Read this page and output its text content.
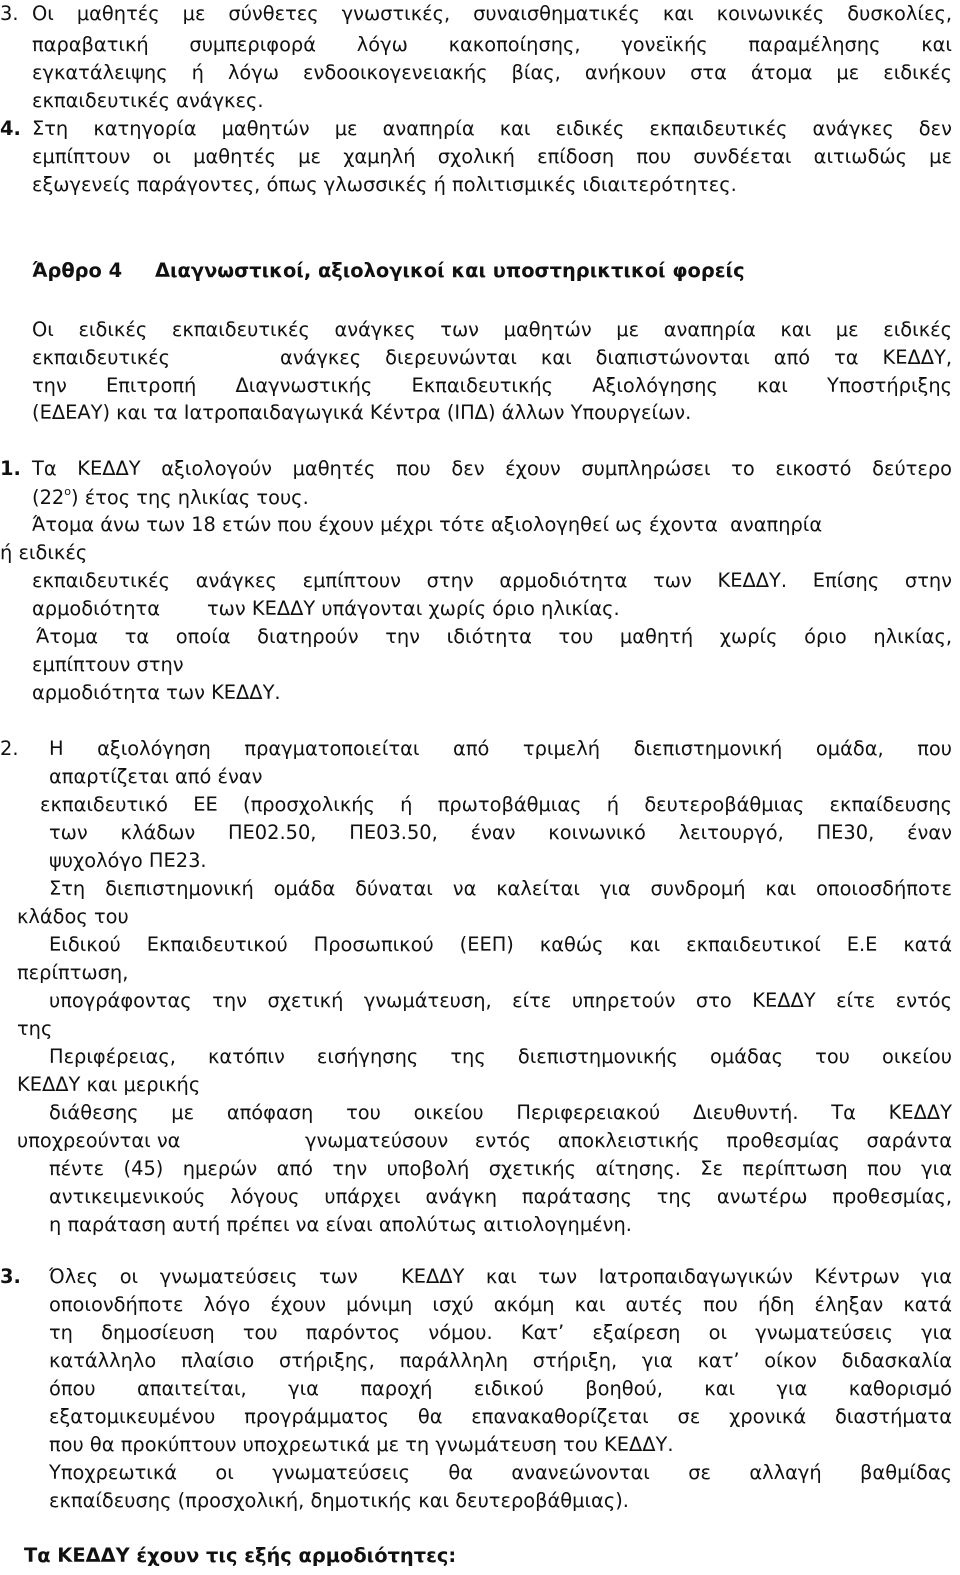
3. Οι μαθητές με σύνθετες γνωστικές, συναισθηματικές και κοινωνικές δυσκολίες,
παραβατική συμπεριφορά λόγω κακοποίησης, γονεϊκής παραμέλησης και
εγκατάλειψης ή λόγω ενδοοικογενειακής βίας, ανήκουν στα άτομα με ειδικές
εκπαιδευτικές ανάγκες.
4. Στη κατηγορία μαθητών με αναπηρία και ειδικές εκπαιδευτικές ανάγκες δεν
εμπίπτουν οι μαθητές με χαμηλή σχολική επίδοση που συνδέεται αιτιωδώς με
εξωγενείς παράγοντες, όπως γλωσσικές ή πολιτισμικές ιδιαιτερότητες.
Άρθρο 4 Διαγνωστικοί, αξιολογικοί και υποστηρικτικοί φορείς
Οι ειδικές εκπαιδευτικές ανάγκες των μαθητών με αναπηρία και με ειδικές
εκπαιδευτικές	ανάγκες διερευνώνται και διαπιστώνονται από τα ΚΕΔΔΥ,
την Επιτροπή Διαγνωστικής Εκπαιδευτικής Αξιολόγησης και Υποστήριξης
(ΕΔΕΑΥ) και τα Ιατροπαιδαγωγικά Κέντρα (ΙΠΔ) άλλων Υπουργείων.
1. Τα ΚΕΔΔΥ αξιολογούν μαθητές που δεν έχουν συμπληρώσει το εικοστό δεύτερο
$(22^o)$ έτος της ηλικίας τους.
Άτομα άνω των 18 ετών που έχουν μέχρι τότε αξιολογηθεί ως έχοντα  αναπηρία
ή ειδικές
εκπαιδευτικές ανάγκες εμπίπτουν στην αρμοδιότητα των ΚΕΔΔΥ. Επίσης στην
αρμοδιότητα των ΚΕΔΔΥ υπάγονται χωρίς όριο ηλικίας.
Άτομα τα οποία διατηρούν την ιδιότητα του μαθητή χωρίς όριο ηλικίας,
εμπίπτουν στην
αρμοδιότητα των ΚΕΔΔΥ.
2. Η αξιολόγηση πραγματοποιείται από τριμελή διεπιστημονική ομάδα, που
απαρτίζεται από έναν
εκπαιδευτικό ΕΕ (προσχολικής ή πρωτοβάθμιας ή δευτεροβάθμιας εκπαίδευσης
των κλάδων ΠΕ02.50, ΠΕ03.50, έναν κοινωνικό λειτουργό, ΠΕ30, έναν
ψυχολόγο ΠΕ23.
Στη διεπιστημονική ομάδα δύναται να καλείται για συνδρομή και οποιοσδήποτε
κλάδος του
Ειδικού Εκπαιδευτικού Προσωπικού (ΕΕΠ) καθώς και εκπαιδευτικοί Ε.Ε κατά
περίπτωση,
υπογράφοντας την σχετική γνωμάτευση, είτε υπηρετούν στο ΚΕΔΔΥ είτε εντός
της
Περιφέρειας, κατόπιν εισήγησης της διεπιστημονικής ομάδας του οικείου
ΚΕΔΔΥ και μερικής
διάθεσης με απόφαση του οικείου Περιφερειακού Διευθυντή. Τα ΚΕΔΔΥ
υποχρεούνται να	γνωματεύσουν εντός αποκλειστικής προθεσμίας σαράντα
πέντε (45) ημερών από την υποβολή σχετικής αίτησης. Σε περίπτωση που για
αντικειμενικούς λόγους υπάρχει ανάγκη παράτασης της ανωτέρω προθεσμίας,
η παράταση αυτή πρέπει να είναι απολύτως αιτιολογημένη.
3. Όλες οι γνωματεύσεις των  ΚΕΔΔΥ και των Ιατροπαιδαγωγικών Κέντρων για
οποιονδήποτε λόγο έχουν μόνιμη ισχύ ακόμη και αυτές που ήδη έληξαν κατά
τη δημοσίευση του παρόντος νόμου. Κατ’ εξαίρεση οι γνωματεύσεις για
κατάλληλο πλαίσιο στήριξης, παράλληλη στήριξη, για κατ’ οίκον διδασκαλία
όπου απαιτείται, για παροχή ειδικού βοηθού, και για καθορισμό
εξατομικευμένου προγράμματος θα επανακαθορίζεται σε χρονικά διαστήματα
που θα προκύπτουν υποχρεωτικά με τη γνωμάτευση του ΚΕΔΔΥ.
Υποχρεωτικά οι γνωματεύσεις θα ανανεώνονται σε αλλαγή βαθμίδας
εκπαίδευσης (προσχολική, δημοτικής και δευτεροβάθμιας).
Τα ΚΕΔΔΥ έχουν τις εξής αρμοδιότητες:
